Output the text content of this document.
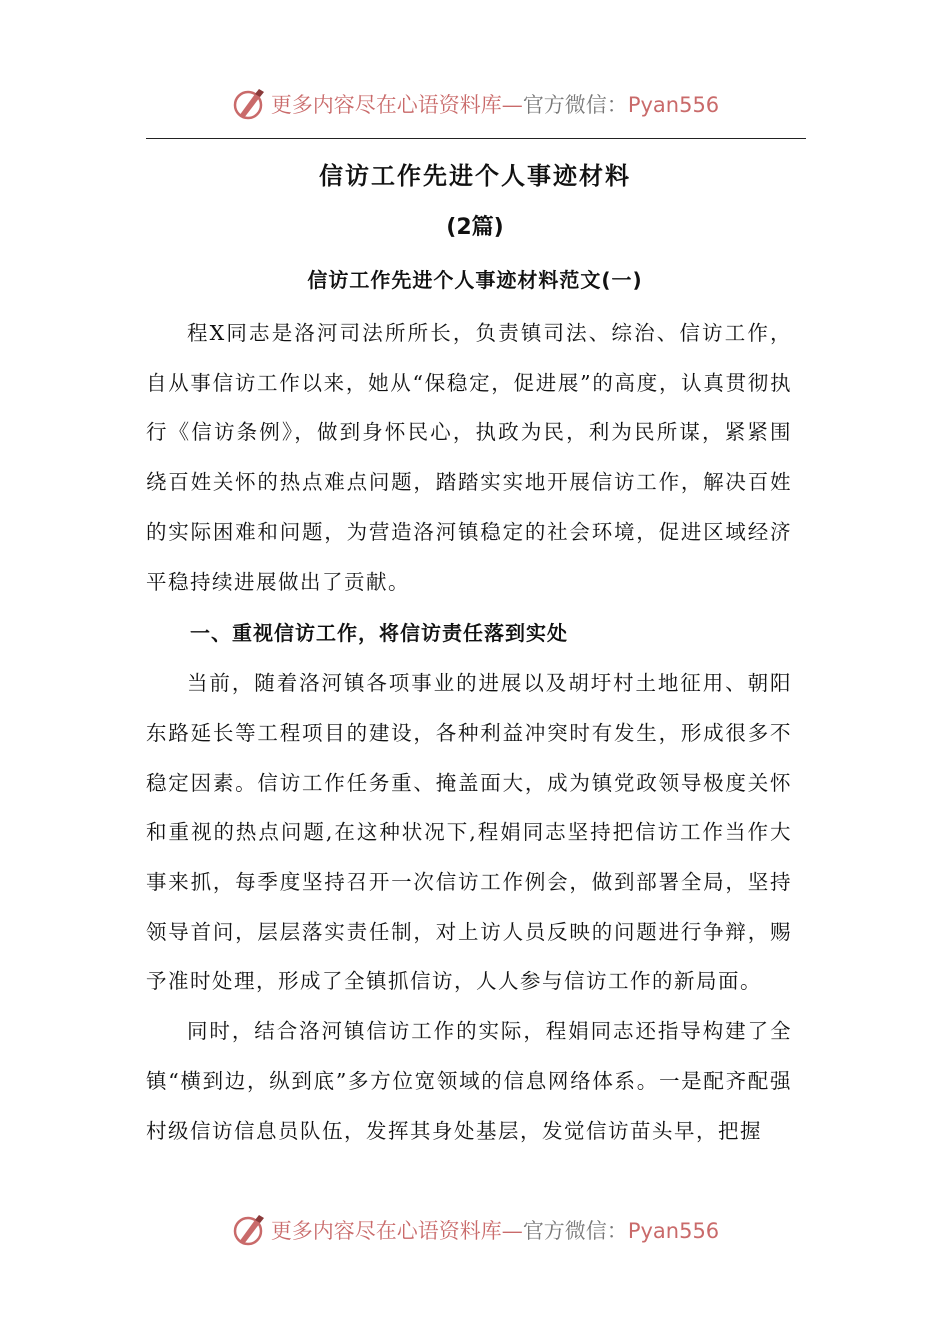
更多内容尽在心语资料库—官方微信：Pyan556
信访工作先进个人事迹材料
(2篇)
信访工作先进个人事迹材料范文(一)

程X同志是洛河司法所所长，负责镇司法、综治、信访工作，自从事信访工作以来，她从“保稳定，促进展”的高度，认真贯彻执行《信访条例》，做到身怀民心，执政为民，利为民所谋，紧紧围绕百姓关怀的热点难点问题，踏踏实实地开展信访工作，解决百姓的实际困难和问题，为营造洛河镇稳定的社会环境，促进区域经济平稳持续进展做出了贡献。

一、重视信访工作，将信访责任落到实处

当前，随着洛河镇各项事业的进展以及胡圩村土地征用、朝阳东路延长等工程项目的建设，各种利益冲突时有发生，形成很多不稳定因素。信访工作任务重、掩盖面大，成为镇党政领导极度关怀和重视的热点问题,在这种状况下,程娟同志坚持把信访工作当作大事来抓，每季度坚持召开一次信访工作例会，做到部署全局，坚持领导首问，层层落实责任制，对上访人员反映的问题进行争辩，赐予准时处理，形成了全镇抓信访，人人参与信访工作的新局面。

同时，结合洛河镇信访工作的实际，程娟同志还指导构建了全镇“横到边，纵到底”多方位宽领域的信息网络体系。一是配齐配强村级信访信息员队伍，发挥其身处基层，发觉信访苗头早，把握

更多内容尽在心语资料库—官方微信：Pyan556
